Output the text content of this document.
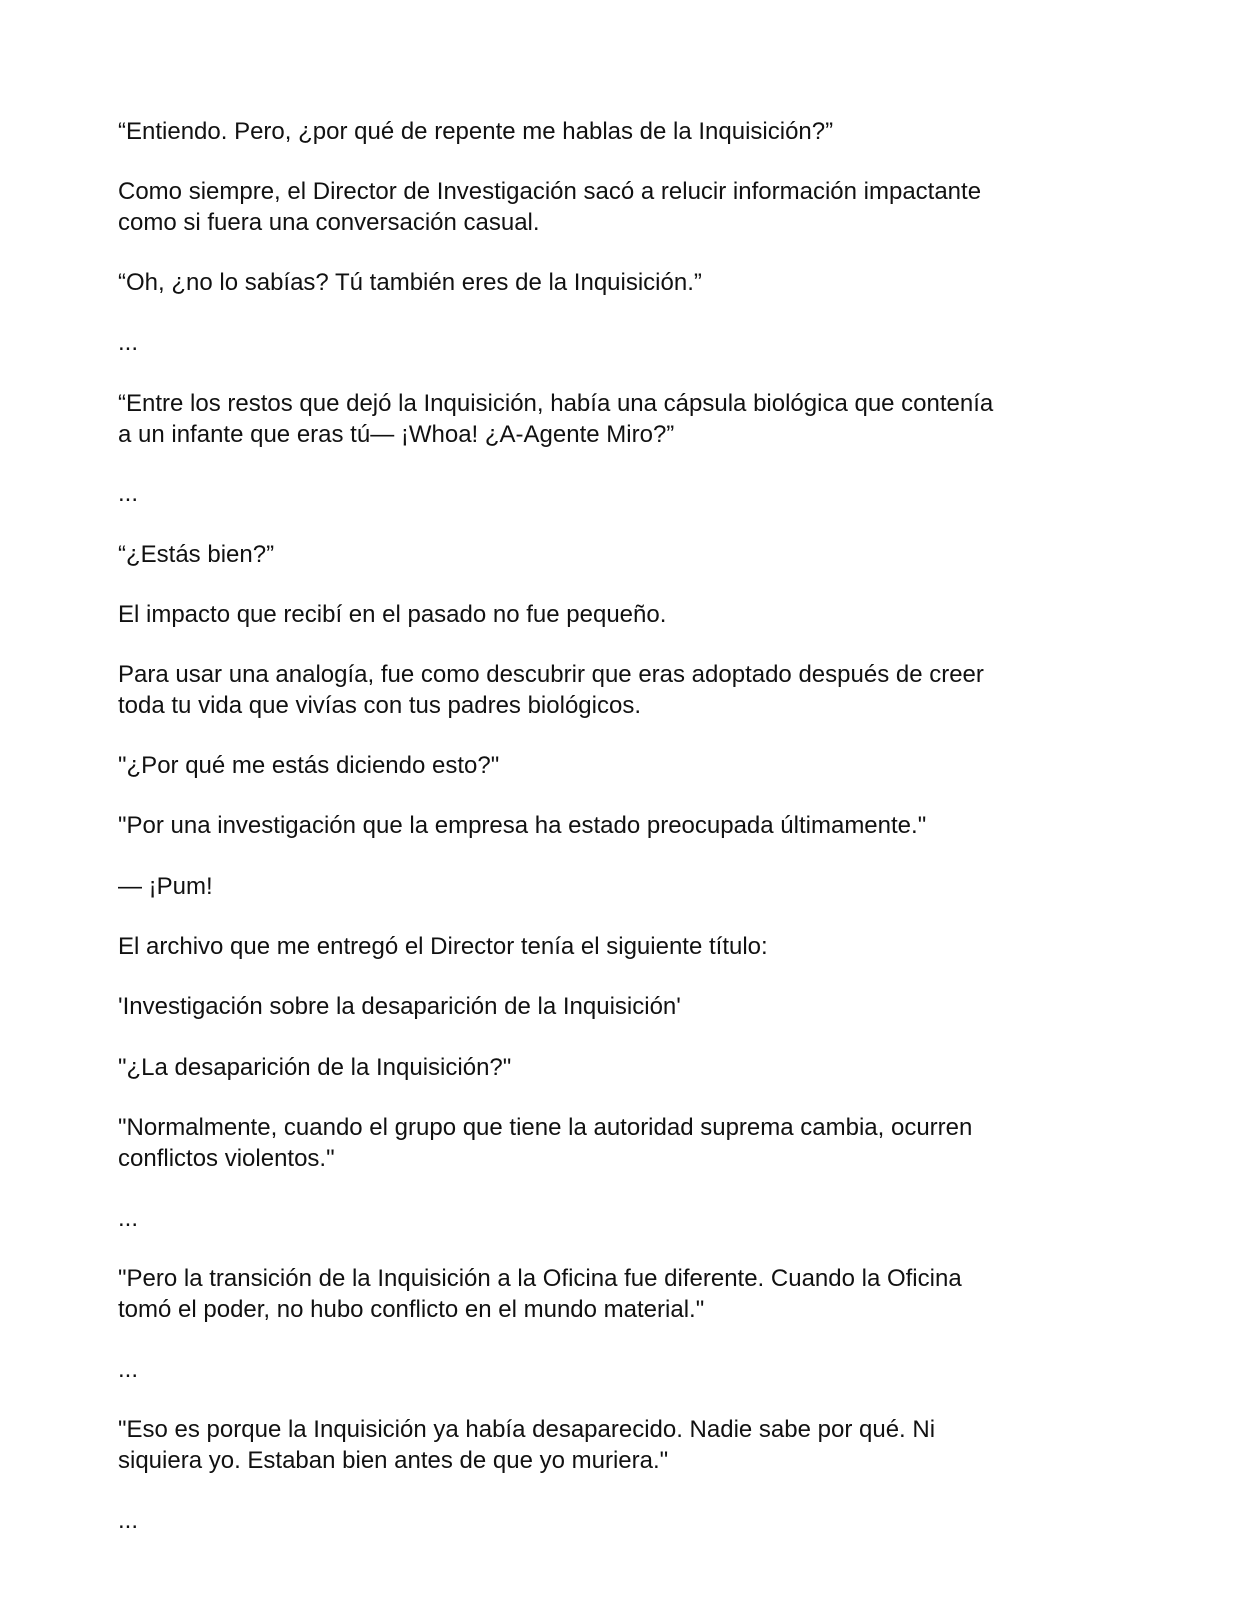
“Entiendo. Pero, ¿por qué de repente me hablas de la Inquisición?”

Como siempre, el Director de Investigación sacó a relucir información impactante
como si fuera una conversación casual.

“Oh, ¿no lo sabías? Tú también eres de la Inquisición.”

...

“Entre los restos que dejó la Inquisición, había una cápsula biológica que contenía
a un infante que eras tú— ¡Whoa! ¿A-Agente Miro?”

...

“¿Estás bien?”

El impacto que recibí en el pasado no fue pequeño.

Para usar una analogía, fue como descubrir que eras adoptado después de creer
toda tu vida que vivías con tus padres biológicos.

"¿Por qué me estás diciendo esto?"

"Por una investigación que la empresa ha estado preocupada últimamente."

— ¡Pum!

El archivo que me entregó el Director tenía el siguiente título:

'Investigación sobre la desaparición de la Inquisición'

"¿La desaparición de la Inquisición?"

"Normalmente, cuando el grupo que tiene la autoridad suprema cambia, ocurren
conflictos violentos."

...

"Pero la transición de la Inquisición a la Oficina fue diferente. Cuando la Oficina
tomó el poder, no hubo conflicto en el mundo material."

...

"Eso es porque la Inquisición ya había desaparecido. Nadie sabe por qué. Ni
siquiera yo. Estaban bien antes de que yo muriera."

...
